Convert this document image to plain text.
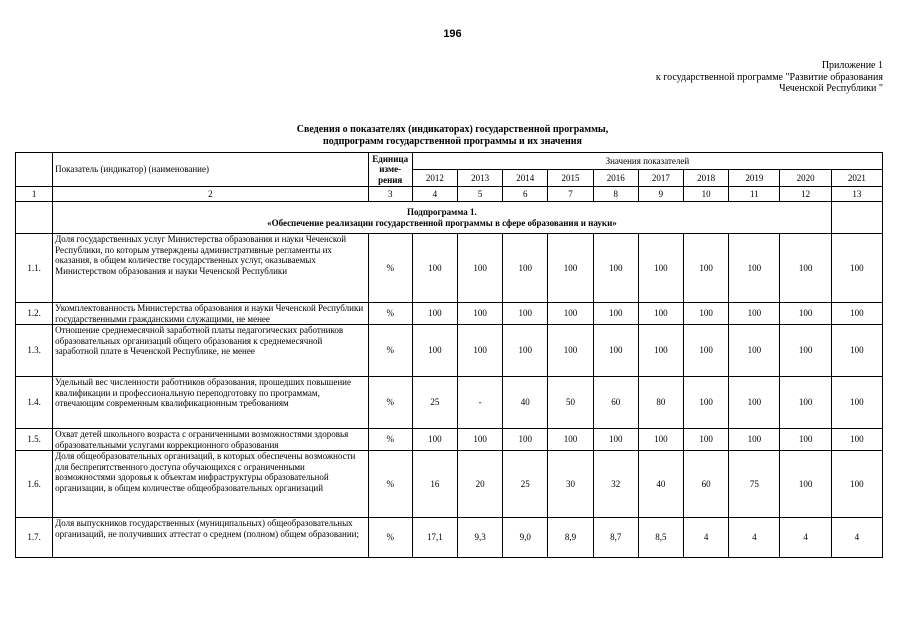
196
Приложение 1
к государственной программе "Развитие образования
Чеченской Республики "
Сведения о показателях (индикаторах) государственной программы,
подпрограмм государственной программы и их значения
	Показатель (индикатор) (наименование)	Единица изме-рения	Значения показателей									
			2012	2013	2014	2015	2016	2017	2018	2019	2020	2021
1	2	3	4	5	6	7	8	9	10	11	12	13

	Подпрограмма 1.
«Обеспечение реализации государственной программы в сфере образования и науки»											

1.1.	Доля государственных услуг Министерства образования и науки Чеченской Республики, по которым утверждены административные регламенты их оказания, в общем количестве государственных услуг, оказываемых Министерством образования и науки Чеченской Республики	%	100	100	100	100	100	100	100	100	100	100
1.2.	Укомплектованность Министерства образования и науки Чеченской Республики государственными гражданскими служащими, не менее	%	100	100	100	100	100	100	100	100	100	100
1.3.	Отношение среднемесячной заработной платы педагогических работников образовательных организаций общего образования к среднемесячной заработной плате в Чеченской Республике, не менее	%	100	100	100	100	100	100	100	100	100	100
1.4.	Удельный вес численности работников образования, прошедших повышение квалификации и профессиональную переподготовку по программам, отвечающим современным квалификационным требованиям	%	25	-	40	50	60	80	100	100	100	100
1.5.	Охват детей школьного возраста с ограниченными возможностями здоровья образовательными услугами коррекционного образования	%	100	100	100	100	100	100	100	100	100	100
1.6.	Доля общеобразовательных организаций, в которых обеспечены возможности для беспрепятственного доступа обучающихся с ограниченными возможностями здоровья к объектам инфраструктуры образовательной организации, в общем количестве общеобразовательных организаций	%	16	20	25	30	32	40	60	75	100	100
1.7.	Доля выпускников государственных (муниципальных) общеобразовательных организаций, не получивших аттестат о среднем (полном) общем образовании;	%	17,1	9,3	9,0	8,9	8,7	8,5	4	4	4	4
